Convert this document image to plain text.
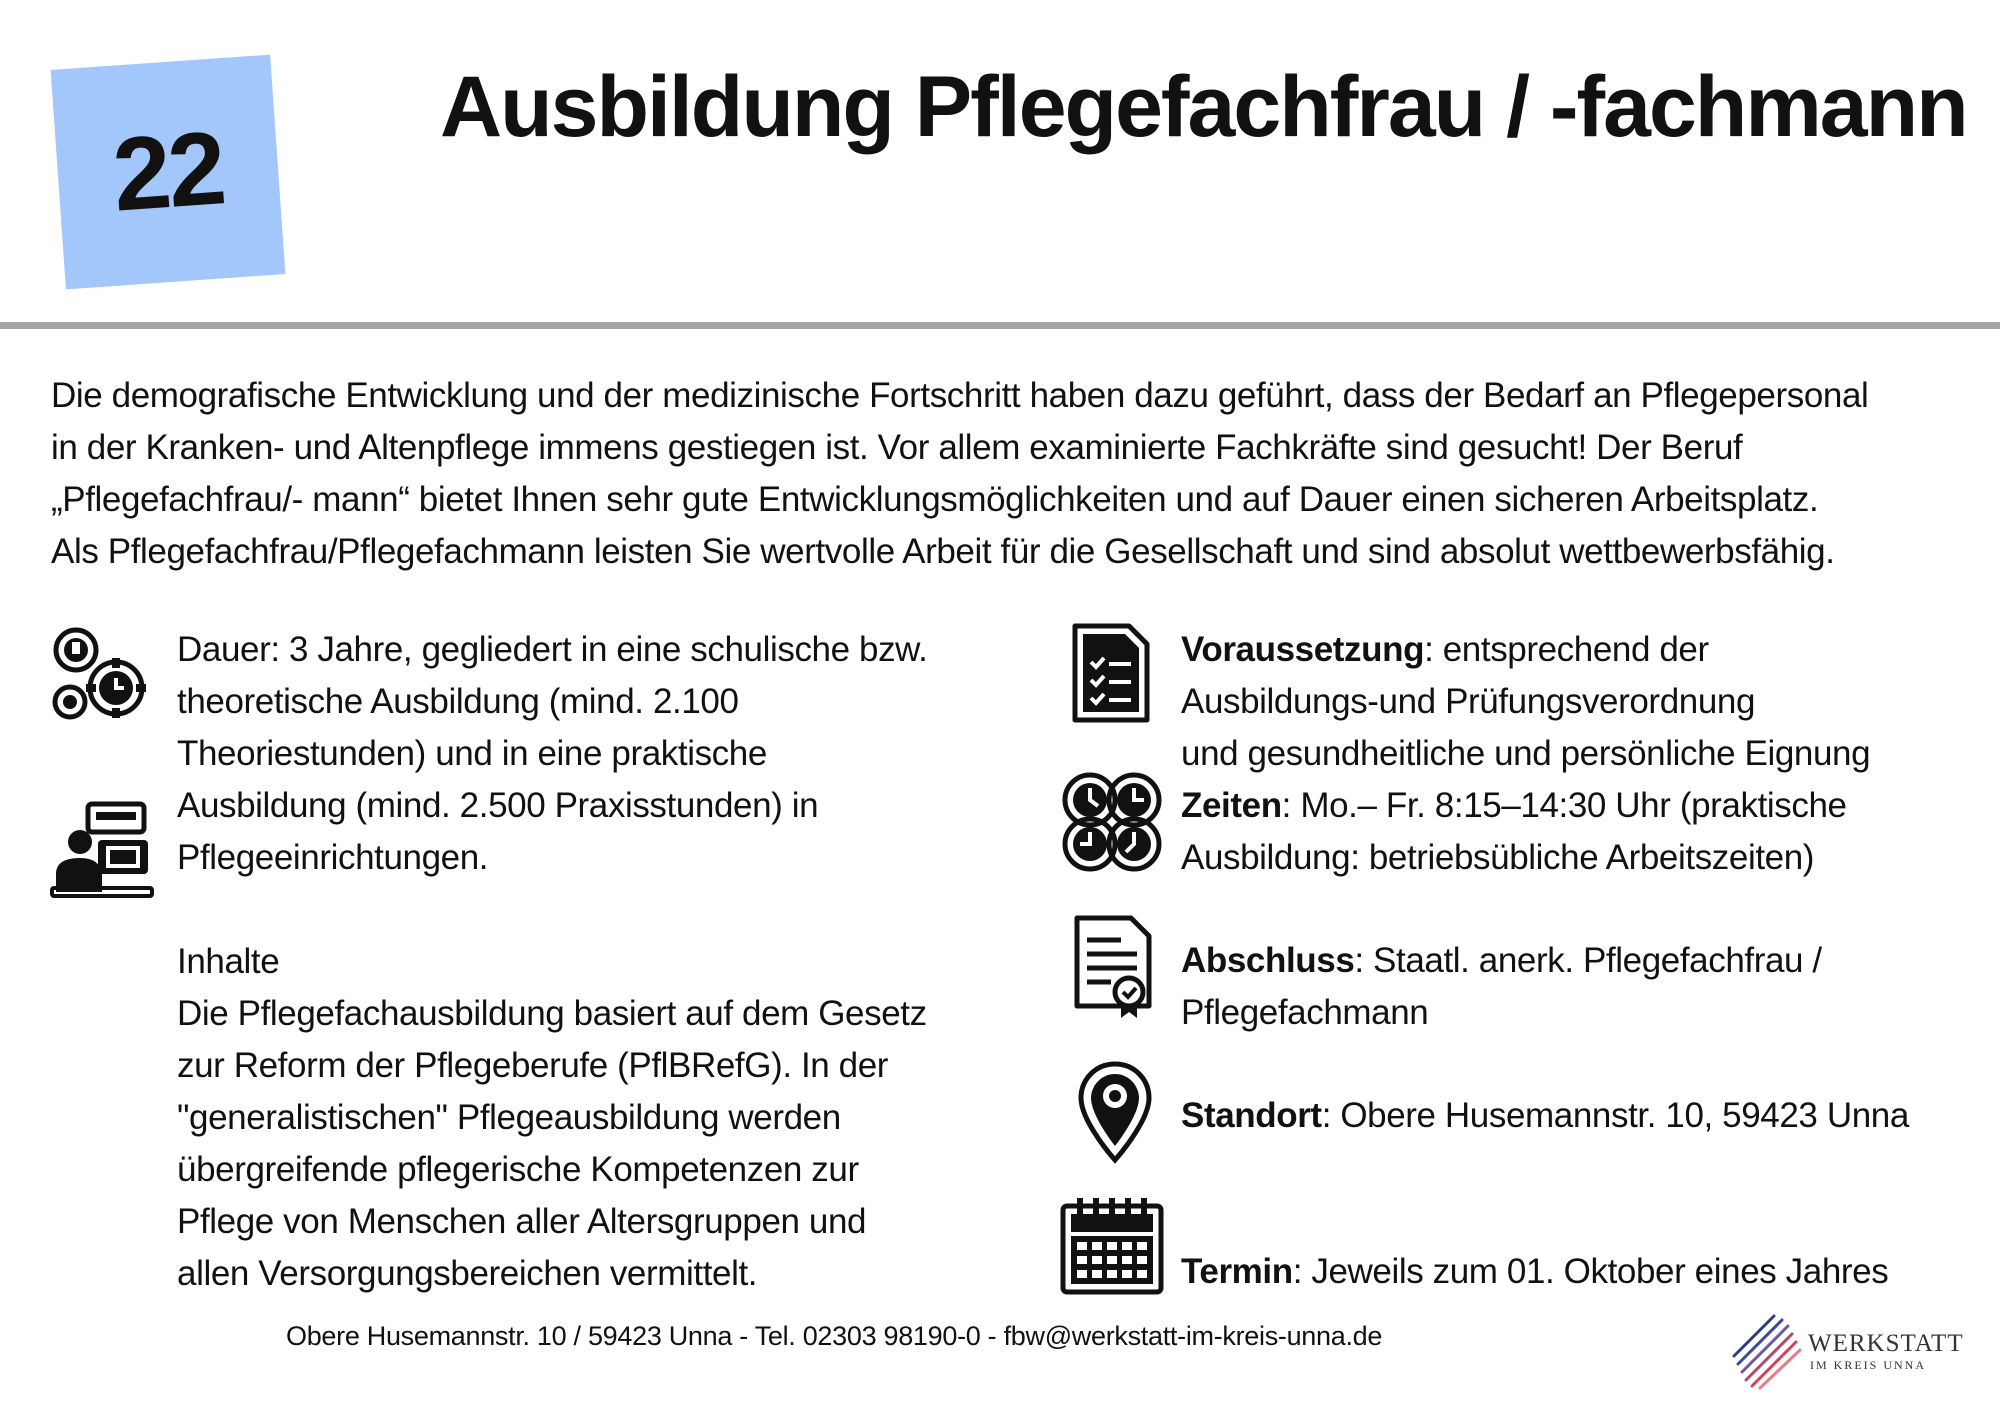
22
Ausbildung Pflegefachfrau / -fachmann

Die demografische Entwicklung und der medizinische Fortschritt haben dazu geführt, dass der Bedarf an Pflegepersonal

in der Kranken- und Altenpflege immens gestiegen ist. Vor allem examinierte Fachkräfte sind gesucht! Der Beruf

„Pflegefachfrau/- mann“ bietet Ihnen sehr gute Entwicklungsmöglichkeiten und auf Dauer einen sicheren Arbeitsplatz.

Als Pflegefachfrau/Pflegefachmann leisten Sie wertvolle Arbeit für die Gesellschaft und sind absolut wettbewerbsfähig.

Dauer: 3 Jahre, gegliedert in eine schulische bzw.

theoretische Ausbildung (mind. 2.100

Theoriestunden) und in eine praktische

Ausbildung (mind. 2.500 Praxisstunden) in

Pflegeeinrichtungen.

Inhalte

Die Pflegefachausbildung basiert auf dem Gesetz

zur Reform der Pflegeberufe (PflBRefG). In der

"generalistischen" Pflegeausbildung werden

übergreifende pflegerische Kompetenzen zur

Pflege von Menschen aller Altersgruppen und

allen Versorgungsbereichen vermittelt.

Voraussetzung: entsprechend der

Ausbildungs-und Prüfungsverordnung

und gesundheitliche und persönliche Eignung

Zeiten: Mo.– Fr. 8:15–14:30 Uhr (praktische

Ausbildung: betriebsübliche Arbeitszeiten)

Abschluss: Staatl. anerk. Pflegefachfrau /

Pflegefachmann

Standort: Obere Husemannstr. 10, 59423 Unna

Termin: Jeweils zum 01. Oktober eines Jahres

Obere Husemannstr. 10 / 59423 Unna - Tel. 02303 98190-0 - fbw@werkstatt-im-kreis-unna.de	WERKSTATT
IM KREIS UNNA
